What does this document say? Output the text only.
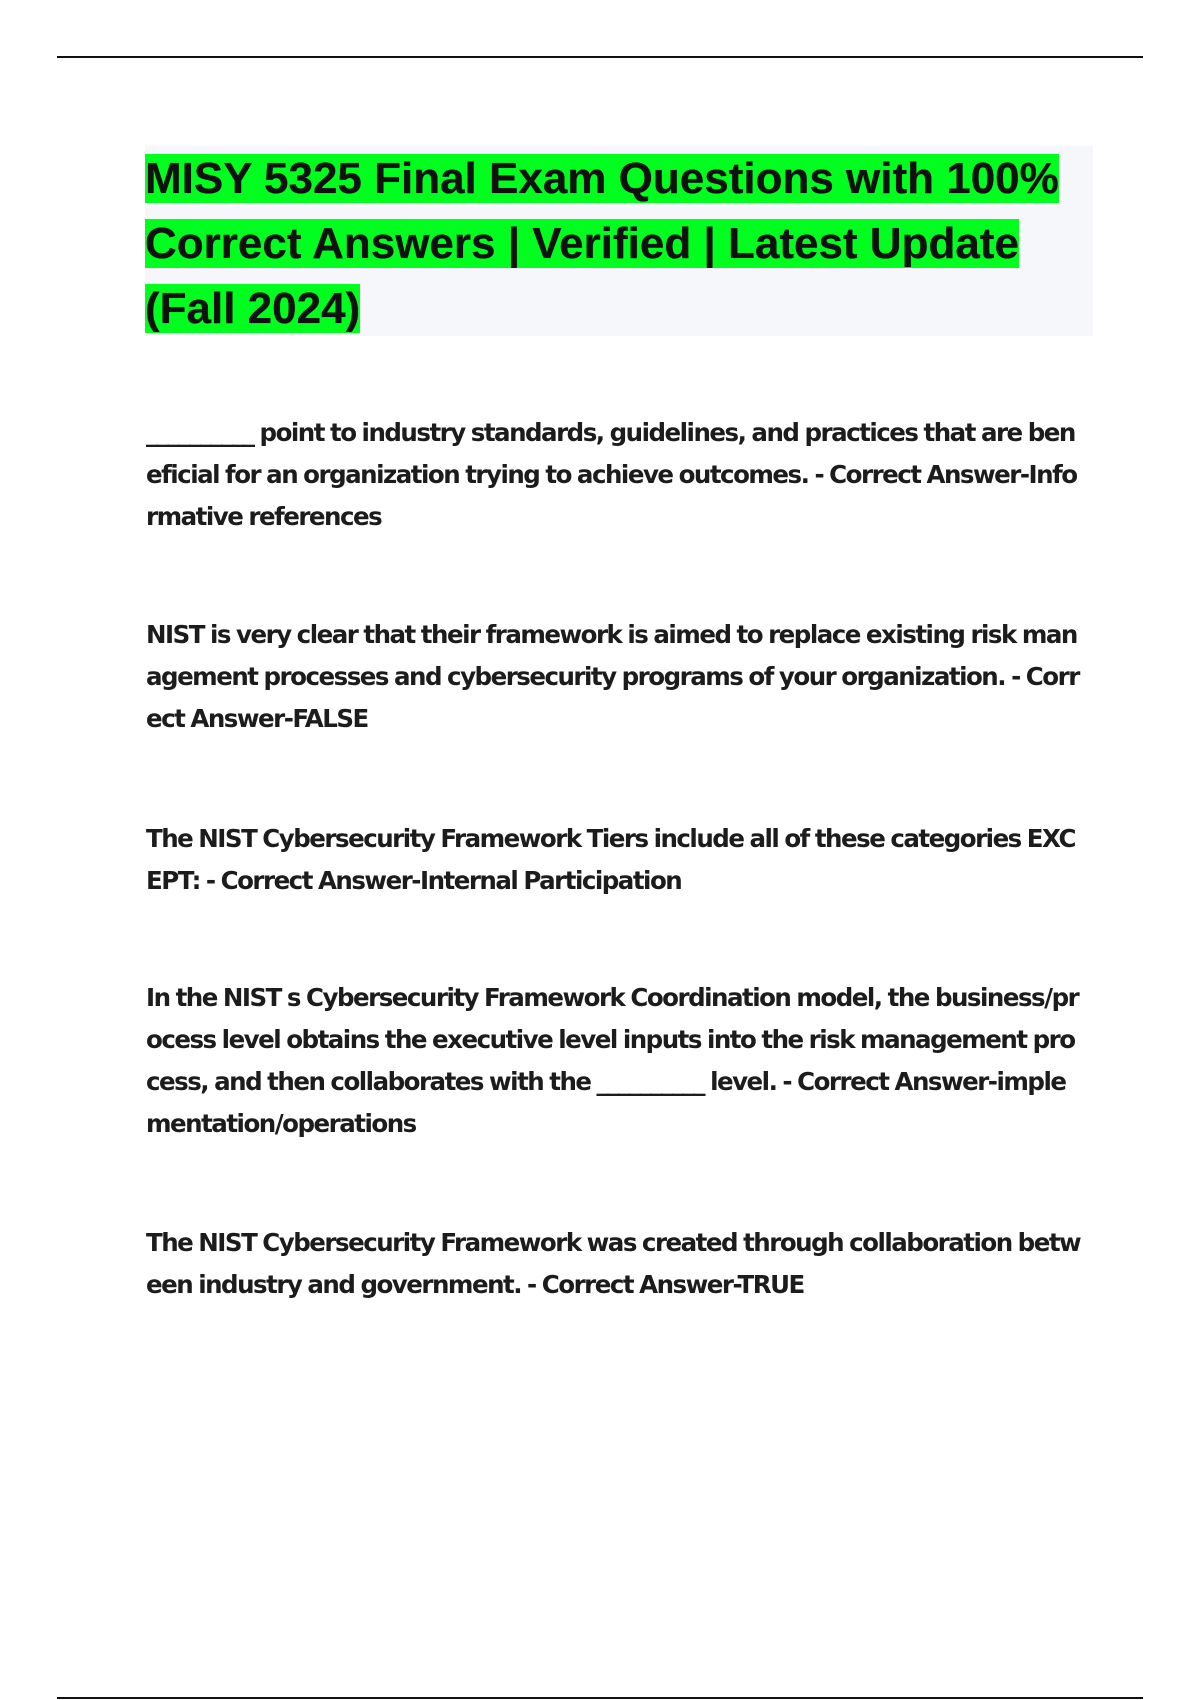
MISY 5325 Final Exam Questions with 100% Correct Answers | Verified | Latest Update (Fall 2024)

__________ point to industry standards, guidelines, and practices that are beneficial for an organization trying to achieve outcomes. - Correct Answer-Informative references

NIST is very clear that their framework is aimed to replace existing risk management processes and cybersecurity programs of your organization. - Correct Answer-FALSE

The NIST Cybersecurity Framework Tiers include all of these categories EXCEPT: - Correct Answer-Internal Participation

In the NIST s Cybersecurity Framework Coordination model, the business/process level obtains the executive level inputs into the risk management process, and then collaborates with the __________ level. - Correct Answer-implementation/operations

The NIST Cybersecurity Framework was created through collaboration between industry and government. - Correct Answer-TRUE
